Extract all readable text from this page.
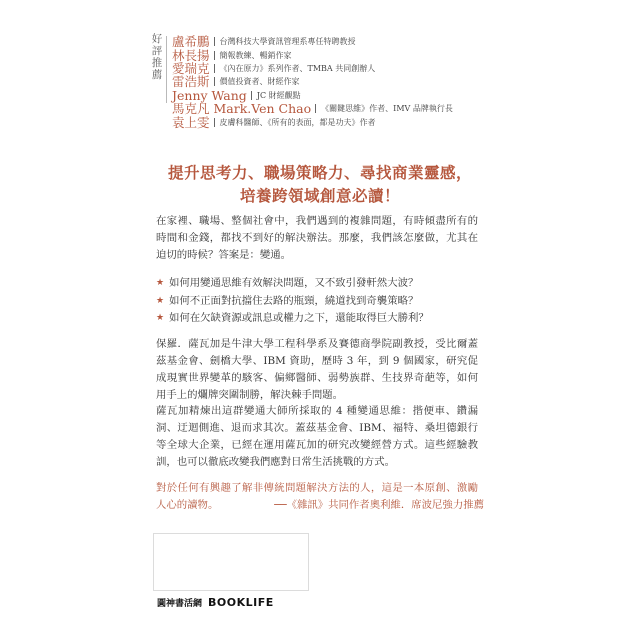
好評推薦
盧希鵬 台灣科技大學資訊管理系專任特聘教授
林長揚 簡報教練、暢銷作家
愛瑞克 《內在原力》系列作者、TMBA 共同創辦人
雷浩斯 價值投資者、財經作家
Jenny Wang JC 財經觀點
馬克凡 Mark.Ven Chao 《關鍵思維》作者、IMV 品牌執行長
袁上雯 皮膚科醫師、《所有的表面，都是功夫》作者
提升思考力、職場策略力、尋找商業靈感，
培養跨領域創意必讀！
在家裡、職場、整個社會中，我們遇到的複雜問題，有時傾盡所有的時間和金錢，都找不到好的解決辦法。那麼，我們該怎麼做，尤其在迫切的時候？答案是：變通。
★ 如何用變通思維有效解決問題，又不致引發軒然大波？
★ 如何不正面對抗擋住去路的瓶頸，繞道找到奇襲策略？
★ 如何在欠缺資源或訊息或權力之下，還能取得巨大勝利？
保羅．薩瓦加是牛津大學工程科學系及賽德商學院副教授，受比爾蓋茲基金會、劍橋大學、IBM 資助，歷時 3 年，到 9 個國家，研究促成現實世界變革的駭客、偏鄉醫師、弱勢族群、生技界奇葩等，如何用手上的爛牌突圍制勝，解決棘手問題。
薩瓦加精煉出這群變通大師所採取的 4 種變通思維：揩便車、鑽漏洞、迂迴側進、退而求其次。蓋茲基金會、IBM、福特、桑坦德銀行等全球大企業，已經在運用薩瓦加的研究改變經營方式。這些經驗教訓，也可以徹底改變我們應對日常生活挑戰的方式。
對於任何有興趣了解非傳統問題解決方法的人，這是一本原創、激勵人心的讀物。	──《雜訊》共同作者奧利維．席波尼強力推薦
圓神書活網 BOOKLIFE
